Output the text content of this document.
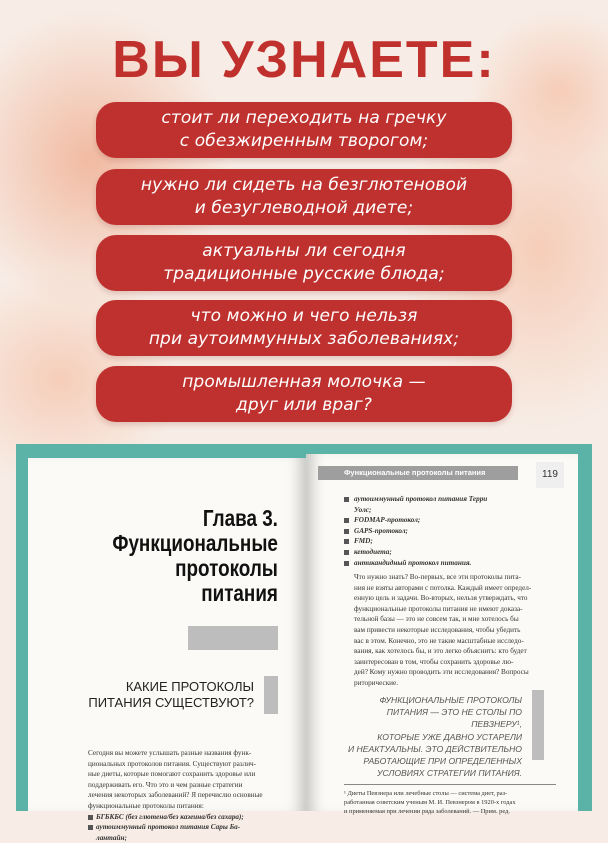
ВЫ УЗНАЕТЕ:
стоит ли переходить на гречку
с обезжиренным творогом;
нужно ли сидеть на безглютеновой
и безуглеводной диете;
актуальны ли сегодня
традиционные русские блюда;
что можно и чего нельзя
при аутоиммунных заболеваниях;
промышленная молочка —
друг или враг?
Глава 3.
Функциональные
протоколы
питания
КАКИЕ ПРОТОКОЛЫ
ПИТАНИЯ СУЩЕСТВУЮТ?
Сегодня вы можете услышать разные названия функ-
циональных протоколов питания. Существуют различ-
ные диеты, которые помогают сохранить здоровье или
поддерживать его. Что это и чем разные стратегии
лечения некоторых заболеваний? Я перечислю основные
функциональные протоколы питания:
БГБКБС (без глютена/без казеина/без сахара);
аутоиммунный протокол питания Сары Ба-
лантайн;
Функциональные протоколы питания	119
аутоиммунный протокол питания Терри

Уолс;

FODMAP-протокол;
GAPS-протокол;
FMD;
кетодиета;
антикандидный протокол питания.
Что нужно знать? Во-первых, все эти протоколы пита-
ния не взяты авторами с потолка. Каждый имеет определ-
енную цель и задачи. Во-вторых, нельзя утверждать, что
функциональные протоколы питания не имеют доказа-
тельной базы — это не совсем так, и мне хотелось бы
вам привести некоторые исследования, чтобы убедить
вас в этом. Конечно, это не такие масштабные исследо-
вания, как хотелось бы, и это легко объяснить: кто будет
заинтересован в том, чтобы сохранить здоровье лю-
дей? Кому нужно проводить эти исследования? Вопросы
риторические.
ФУНКЦИОНАЛЬНЫЕ ПРОТОКОЛЫ
ПИТАНИЯ — ЭТО НЕ СТОЛЫ ПО ПЕВЗНЕРУ¹,
КОТОРЫЕ УЖЕ ДАВНО УСТАРЕЛИ
И НЕАКТУАЛЬНЫ. ЭТО ДЕЙСТВИТЕЛЬНО
РАБОТАЮЩИЕ ПРИ ОПРЕДЕЛЕННЫХ
УСЛОВИЯХ СТРАТЕГИИ ПИТАНИЯ.
¹ Диеты Певзнера или лечебные столы — система диет, раз-
работанная советским ученым М. И. Певзнером в 1920-х годах
и применяемая при лечении ряда заболеваний. — Прим. ред.
